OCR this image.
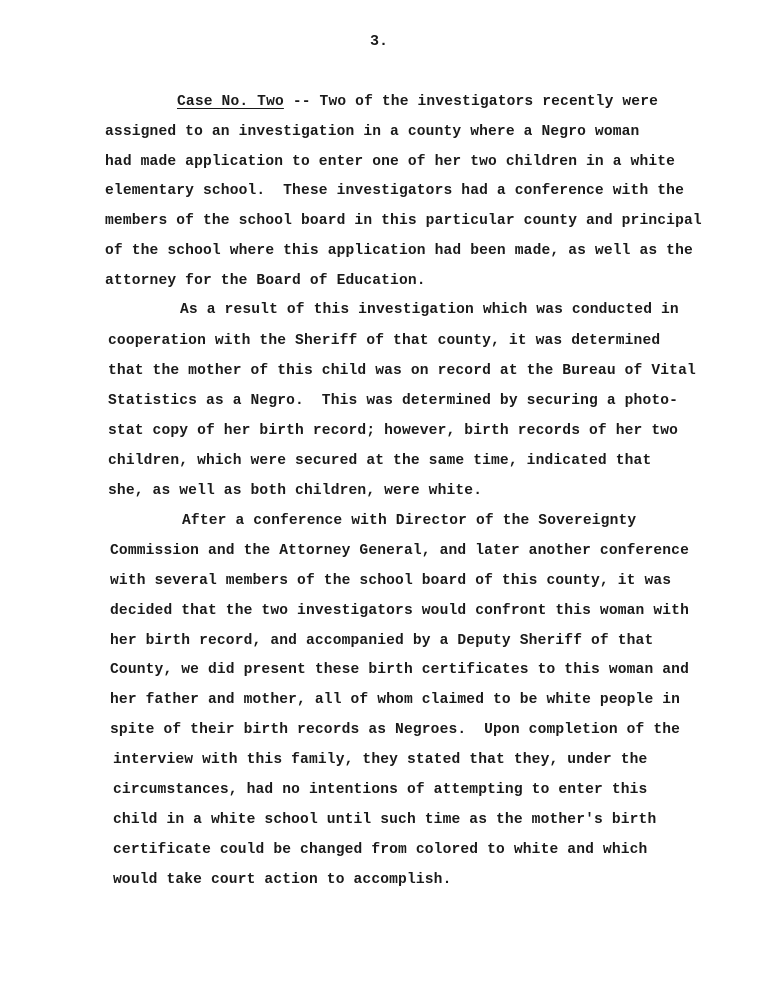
3.
Case No. Two -- Two of the investigators recently were
assigned to an investigation in a county where a Negro woman
had made application to enter one of her two children in a white
elementary school.  These investigators had a conference with the
members of the school board in this particular county and principal
of the school where this application had been made, as well as the
attorney for the Board of Education.
As a result of this investigation which was conducted in
cooperation with the Sheriff of that county, it was determined
that the mother of this child was on record at the Bureau of Vital
Statistics as a Negro.  This was determined by securing a photo-
stat copy of her birth record; however, birth records of her two
children, which were secured at the same time, indicated that
she, as well as both children, were white.
After a conference with Director of the Sovereignty
Commission and the Attorney General, and later another conference
with several members of the school board of this county, it was
decided that the two investigators would confront this woman with
her birth record, and accompanied by a Deputy Sheriff of that
County, we did present these birth certificates to this woman and
her father and mother, all of whom claimed to be white people in
spite of their birth records as Negroes.  Upon completion of the
interview with this family, they stated that they, under the
circumstances, had no intentions of attempting to enter this
child in a white school until such time as the mother's birth
certificate could be changed from colored to white and which
would take court action to accomplish.
